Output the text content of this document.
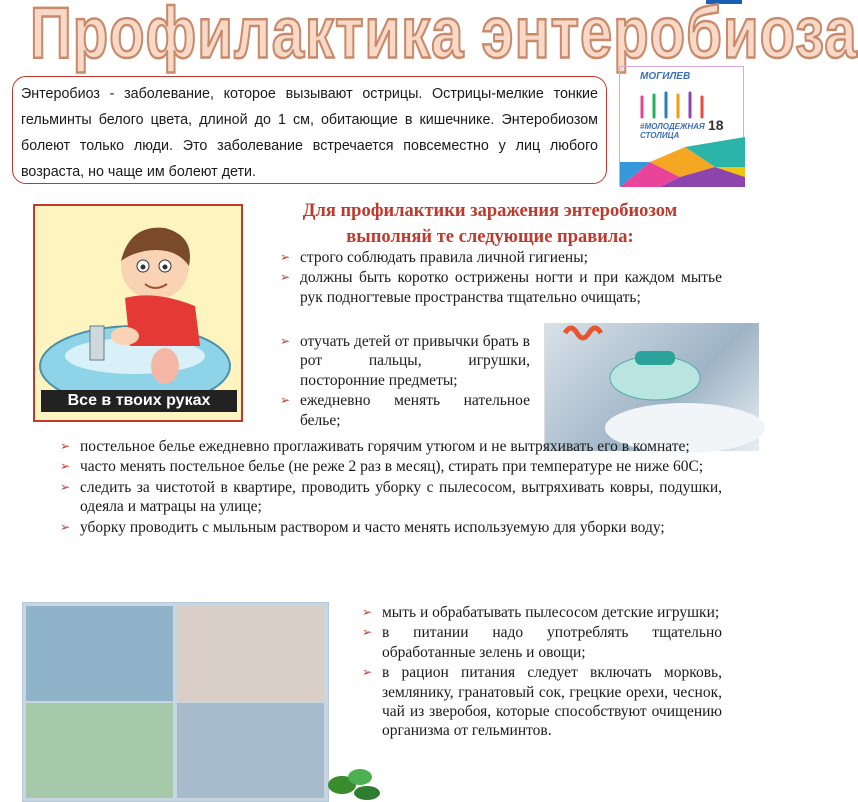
Профилактика энтеробиоза
Энтеробиоз - заболевание, которое вызывают острицы. Острицы-мелкие тонкие гельминты белого цвета, длиной до 1 см, обитающие в кишечнике. Энтеробиозом болеют только люди. Это заболевание встречается повсеместно у лиц любого возраста, но чаще им болеют дети.
МОГИЛЕВ
#МОЛОДЕЖНАЯ СТОЛИЦА
18
Все в твоих руках
Для профилактики заражения энтеробиозом
выполняй те следующие правила:
➢ строго соблюдать правила личной гигиены;
➢ должны быть коротко острижены ногти и при каждом мытье рук подногтевые пространства тщательно очищать;
➢ отучать детей от привычки брать в рот пальцы, игрушки, посторонние предметы;
➢ ежедневно менять нательное белье;
➢ постельное белье ежедневно проглаживать горячим утюгом и не вытряхивать его в комнате;
➢ часто менять постельное белье (не реже 2 раз в месяц), стирать при температуре не ниже 60С;
➢ следить за чистотой в квартире, проводить уборку с пылесосом, вытряхивать ковры, подушки, одеяла и матрацы на улице;
➢ уборку проводить с мыльным раствором и часто менять используемую для уборки воду;
➢ мыть и обрабатывать пылесосом детские игрушки;
➢ в питании надо употреблять тщательно обработанные зелень и овощи;
➢ в рацион питания следует включать морковь, землянику, гранатовый сок, грецкие орехи, чеснок, чай из зверобоя, которые способствуют очищению организма от гельминтов.
